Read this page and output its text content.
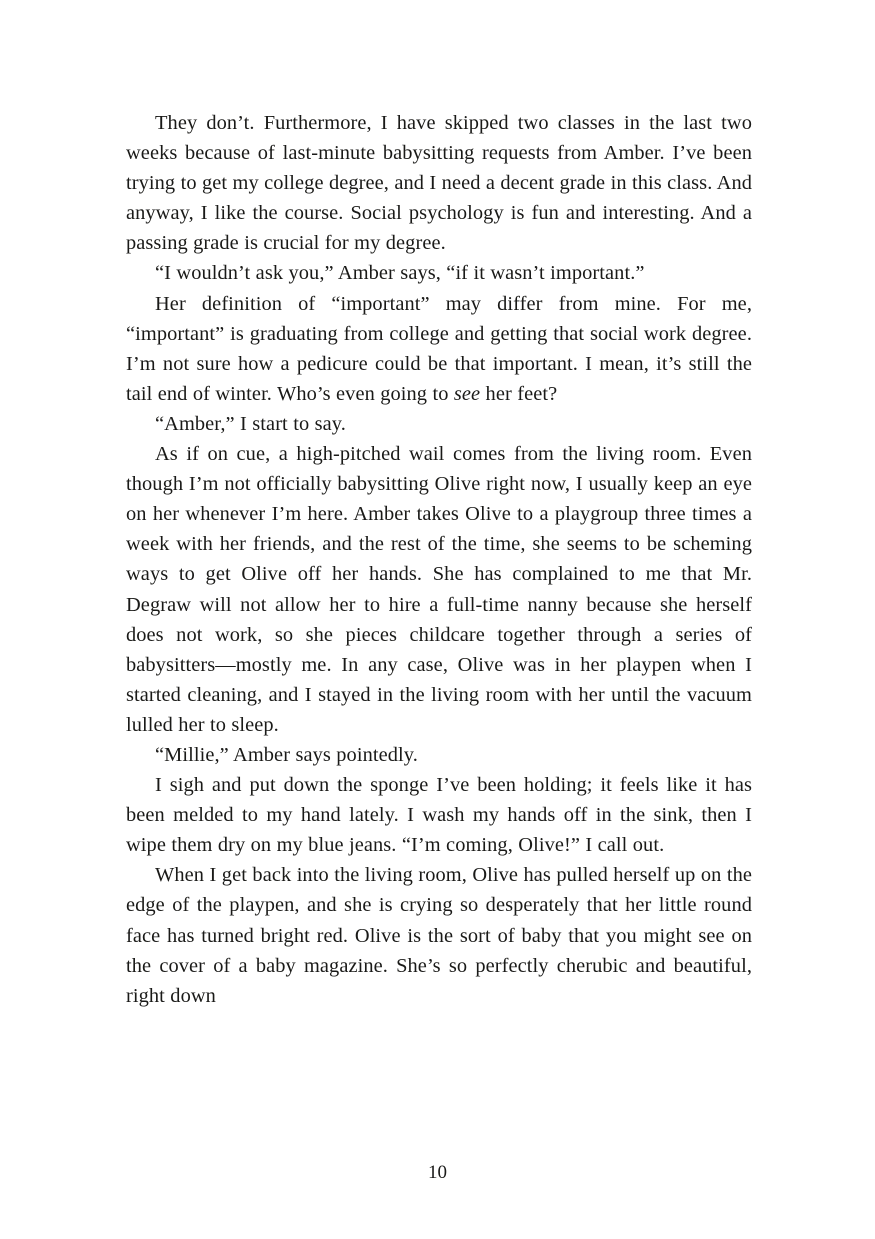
They don’t. Furthermore, I have skipped two classes in the last two weeks because of last-minute babysitting requests from Amber. I’ve been trying to get my college degree, and I need a decent grade in this class. And anyway, I like the course. Social psychology is fun and interesting. And a passing grade is crucial for my degree.

“I wouldn’t ask you,” Amber says, “if it wasn’t important.”

Her definition of “important” may differ from mine. For me, “important” is graduating from college and getting that social work degree. I’m not sure how a pedicure could be that important. I mean, it’s still the tail end of winter. Who’s even going to see her feet?

“Amber,” I start to say.

As if on cue, a high-pitched wail comes from the living room. Even though I’m not officially babysitting Olive right now, I usually keep an eye on her whenever I’m here. Amber takes Olive to a playgroup three times a week with her friends, and the rest of the time, she seems to be scheming ways to get Olive off her hands. She has complained to me that Mr. Degraw will not allow her to hire a full-time nanny because she herself does not work, so she pieces childcare together through a series of babysitters—mostly me. In any case, Olive was in her playpen when I started cleaning, and I stayed in the living room with her until the vacuum lulled her to sleep.

“Millie,” Amber says pointedly.

I sigh and put down the sponge I’ve been holding; it feels like it has been melded to my hand lately. I wash my hands off in the sink, then I wipe them dry on my blue jeans. “I’m coming, Olive!” I call out.

When I get back into the living room, Olive has pulled herself up on the edge of the playpen, and she is crying so desperately that her little round face has turned bright red. Olive is the sort of baby that you might see on the cover of a baby magazine. She’s so perfectly cherubic and beautiful, right down

10
